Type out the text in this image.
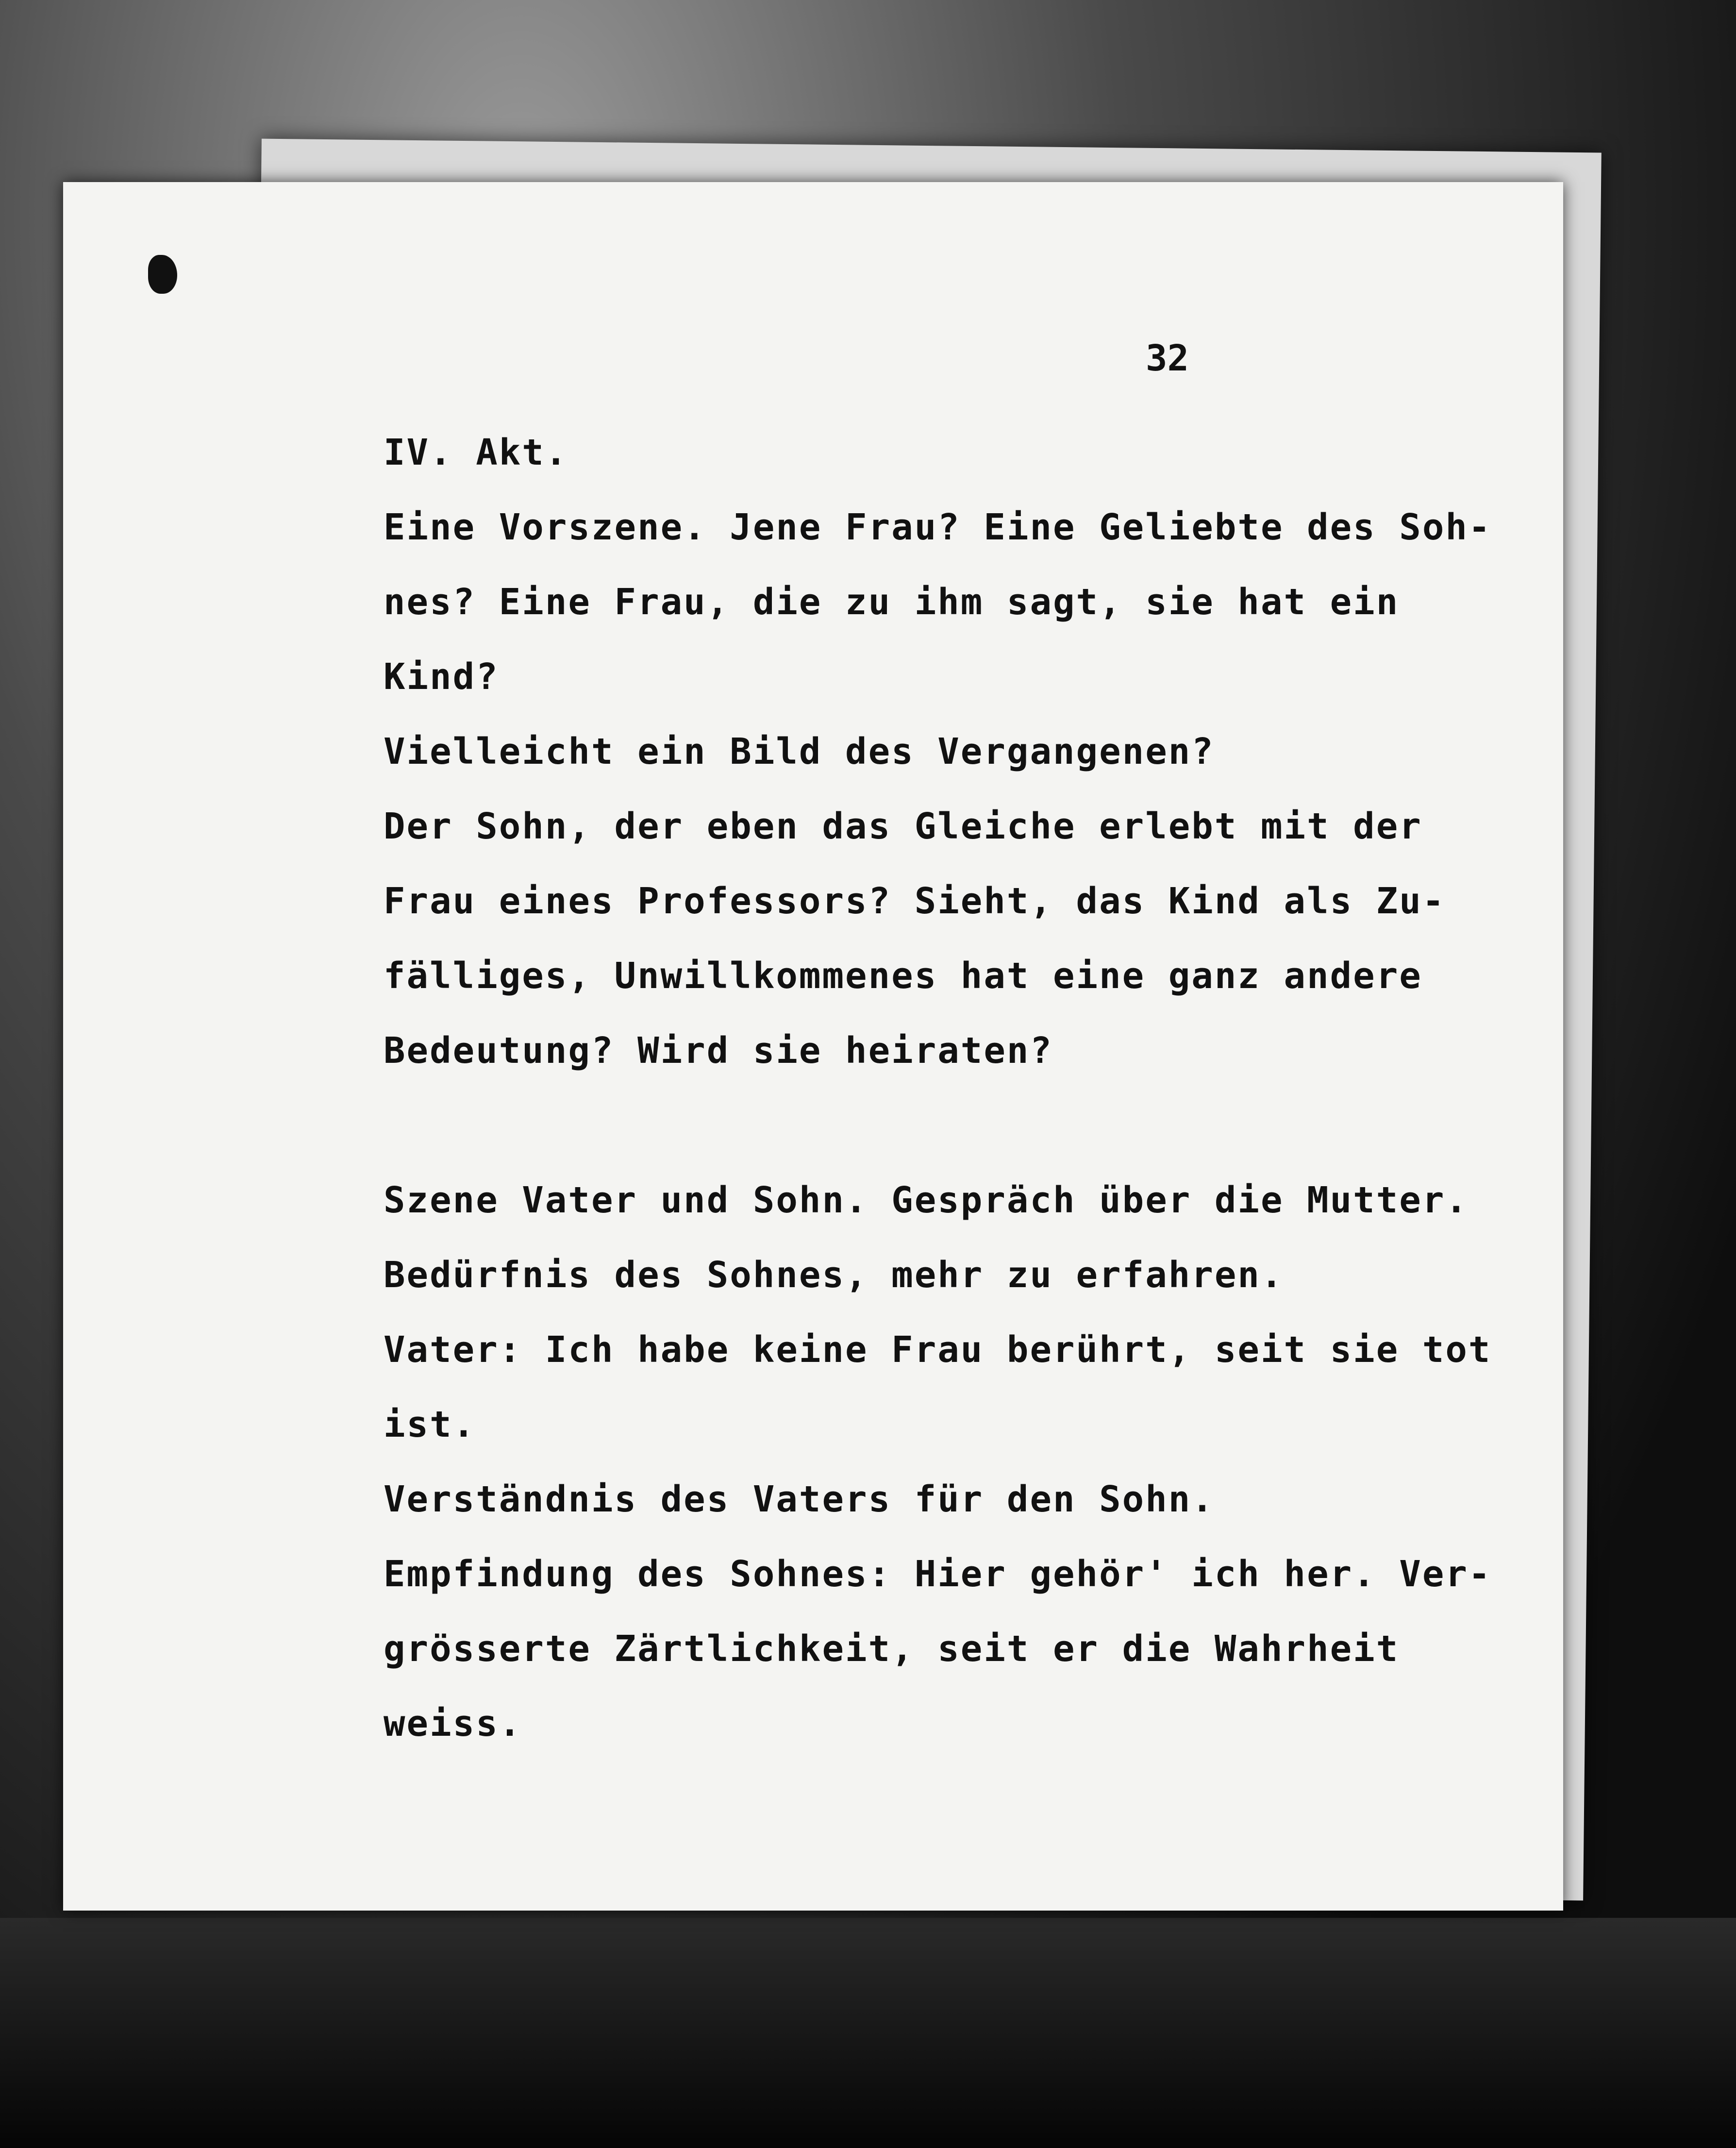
32
IV. Akt.
Eine Vorszene. Jene Frau? Eine Geliebte des Soh-
nes? Eine Frau, die zu ihm sagt, sie hat ein
Kind?
Vielleicht ein Bild des Vergangenen?
Der Sohn, der eben das Gleiche erlebt mit der
Frau eines Professors? Sieht, das Kind als Zu-
fälliges, Unwillkommenes hat eine ganz andere
Bedeutung? Wird sie heiraten?
Szene Vater und Sohn. Gespräch über die Mutter.
Bedürfnis des Sohnes, mehr zu erfahren.
Vater: Ich habe keine Frau berührt, seit sie tot
ist.
Verständnis des Vaters für den Sohn.
Empfindung des Sohnes: Hier gehör' ich her. Ver-
grösserte Zärtlichkeit, seit er die Wahrheit
weiss.
